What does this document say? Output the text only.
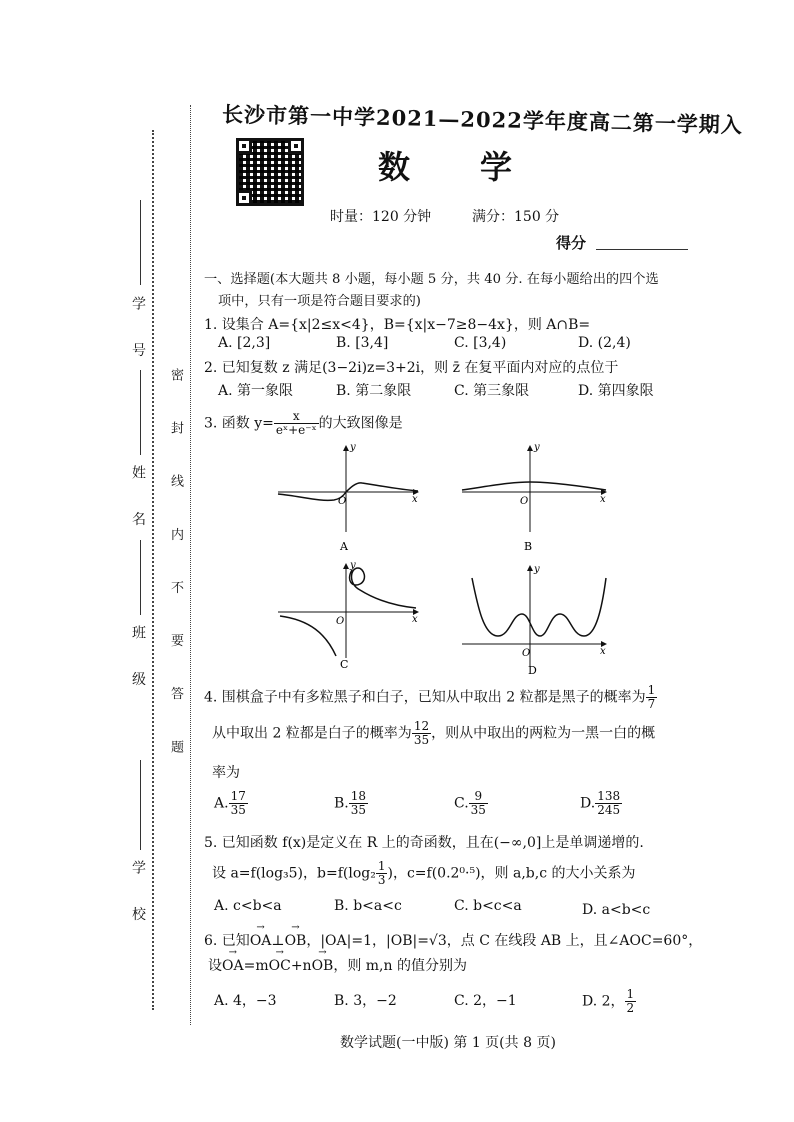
学 校
班 级
姓 名
学 号
密 封 线 内 不 要 答 题
长沙市第一中学2021—2022学年度高二第一学期入
数学
时量：120 分钟	满分：150 分
得分
一、选择题(本大题共 8 小题，每小题 5 分，共 40 分. 在每小题给出的四个选
项中，只有一项是符合题目要求的)
1. 设集合 A={x|2≤x<4}，B={x|x−7≥8−4x}，则 A∩B=
A. [2,3]	B. [3,4]	C. [3,4)	D. (2,4)
2. 已知复数 z 满足(3−2i)z=3+2i，则 z̄ 在复平面内对应的点位于
A. 第一象限	B. 第二象限	C. 第三象限	D. 第四象限
3. 函数 $y= \frac{x}{\text{eˣ+e⁻ˣ}}$ 的大致图像是
y
x
O
A
y
x
O
B
y
x
O
C
y
x
O
D
4. 围棋盒子中有多粒黑子和白子，已知从中取出 2 粒都是黑子的概率为 $\frac{1}{7}$
从中取出 2 粒都是白子的概率为 $\frac{12}{35}$ ，则从中取出的两粒为一黑一白的概
率为
A. $\frac{17}{35}$	B. $\frac{18}{35}$	C. $\frac{9}{35}$	D. $\frac{138}{245}$
5. 已知函数 f(x)是定义在 R 上的奇函数，且在(−∞,0]上是单调递增的.
设 a=f(log₃5)，$b=f(\log_2 \frac{1}{3}$ )，c=f(0.2⁰·⁵)，则 a,b,c 的大小关系为
A. c<b<a	B. b<a<c	C. b<c<a	D. a<b<c
6. 已知→ OA⊥→ OB，|OA|=1，|OB|=√3，点 C 在线段 AB 上，且∠AOC=60°，
设→ OA=m→ OC+n→ OB，则 m,n 的值分别为
A. 4，−3	B. 3，−2	C. 2，−1	D. 2， $\frac{1}{2}$
数学试题(一中版) 第 1 页(共 8 页)
